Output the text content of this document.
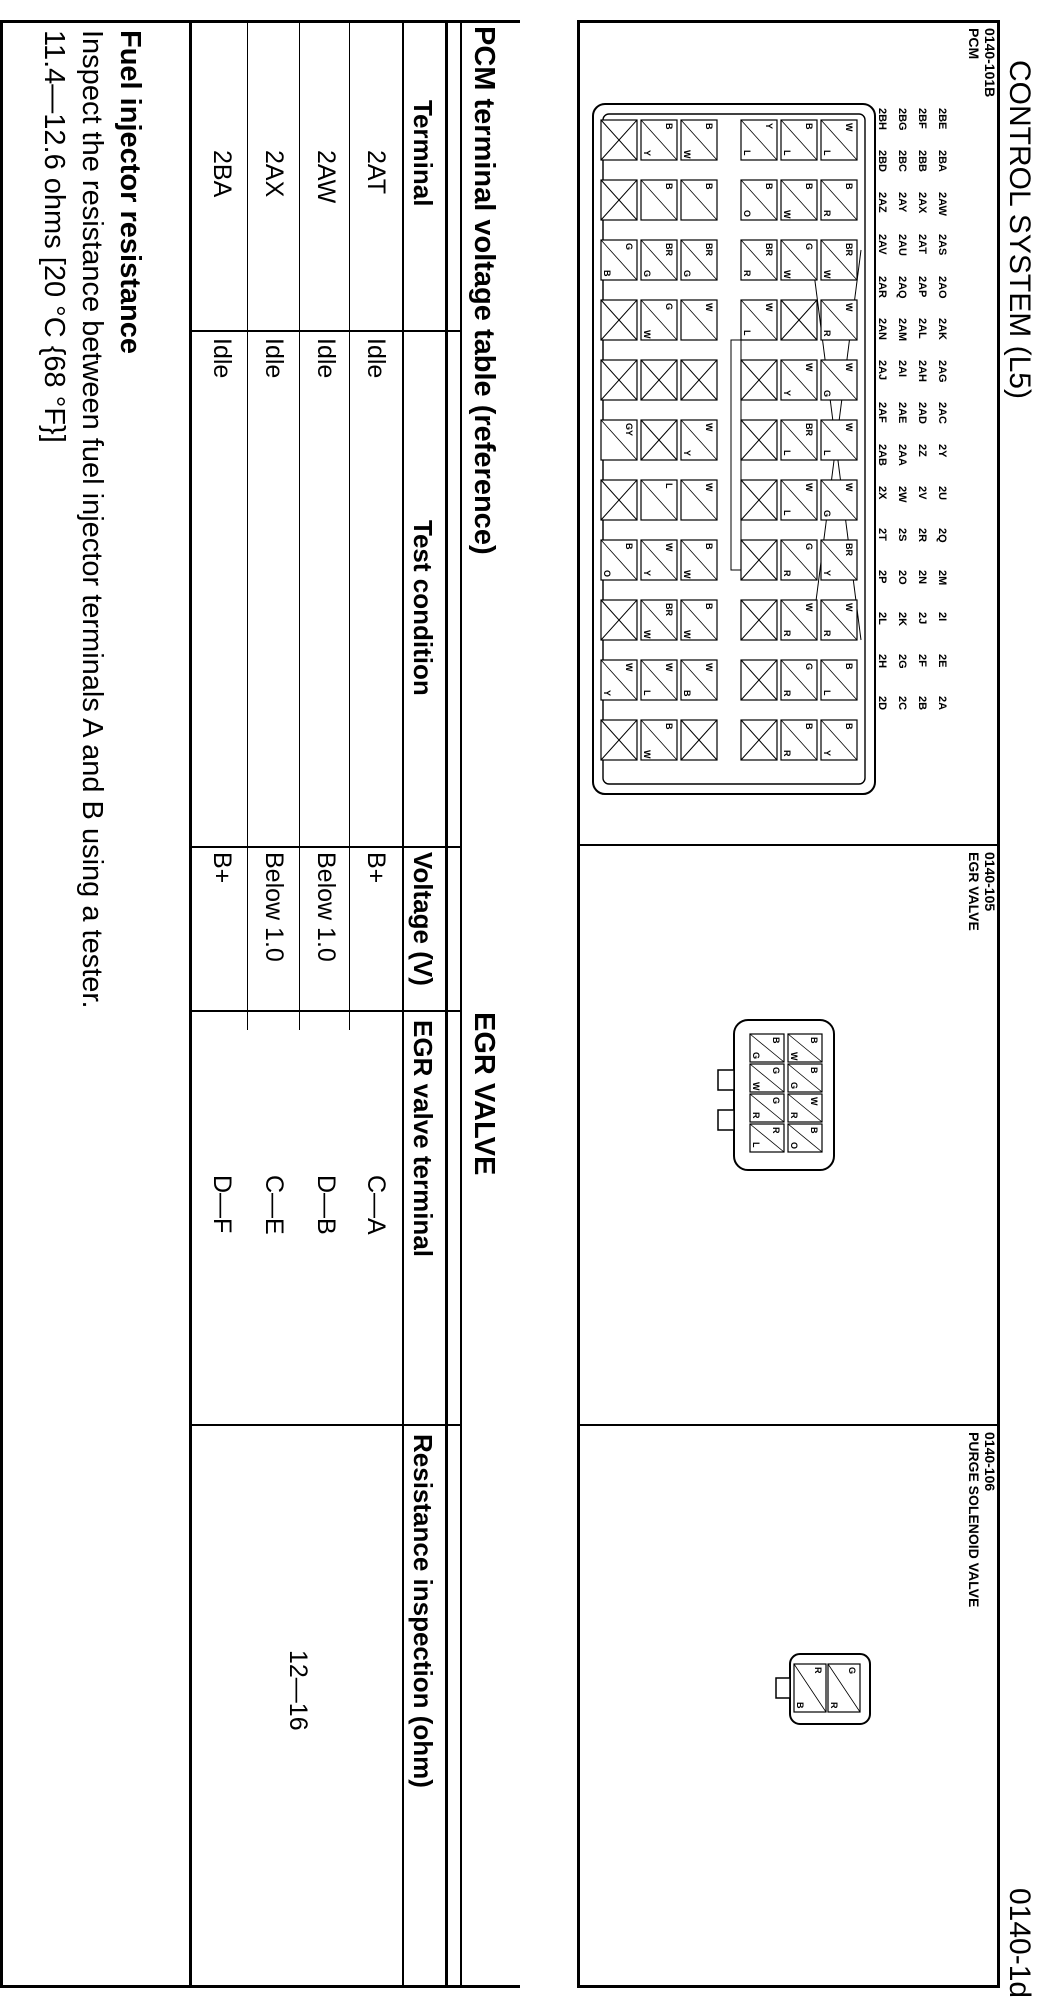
CONTROL SYSTEM (L5)
0140-1d
0140-101B
PCM
2BE
2BA
2AW
2AS
2AO
2AK
2AG
2AC
2Y
2U
2Q
2M
2I
2E
2A
2BF
2BB
2AX
2AT
2AP
2AL
2AH
2AD
2Z
2V
2R
2N
2J
2F
2B
2BG
2BC
2AY
2AU
2AQ
2AM
2AI
2AE
2AA
2W
2S
2O
2K
2G
2C
2BH
2BD
2AZ
2AV
2AR
2AN
2AJ
2AF
2AB
2X
2T
2P
2L
2H
2D
W
L
B
R
BR
W
W
R
W
G
W
L
W
G
BR
Y
W
R
B
L
B
Y
B
L
B
W
G
W
W
Y
BR
L
W
L
G
R
W
R
G
R
B
R
Y
L
B
O
BR
R
W
L
B
W
B
BR
G
W
W
Y
W
B
W
B
W
W
B
B
Y
B
BR
G
G
W
L
W
Y
BR
W
W
L
B
W
G
B
GY
B
O
W
Y
0140-105
EGR VALVE
B
W
B
G
W
R
B
O
B
G
G
W
G
R
R
L
0140-106
PURGE SOLENOID VALVE
G
R
R
B
PCM terminal voltage table (reference)
Terminal
Test condition
Voltage (V)
2AT
Idle
B+
2AW
Idle
Below 1.0
2AX
Idle
Below 1.0
2BA
Idle
B+
EGR VALVE
EGR valve terminal
Resistance inspection (ohm)
C—A
D—B
C—E
D—F
12—16
Fuel injector resistance
Inspect the resistance between fuel injector terminals A and B using a tester.
11.4—12.6 ohms [20 °C {68 °F}]
